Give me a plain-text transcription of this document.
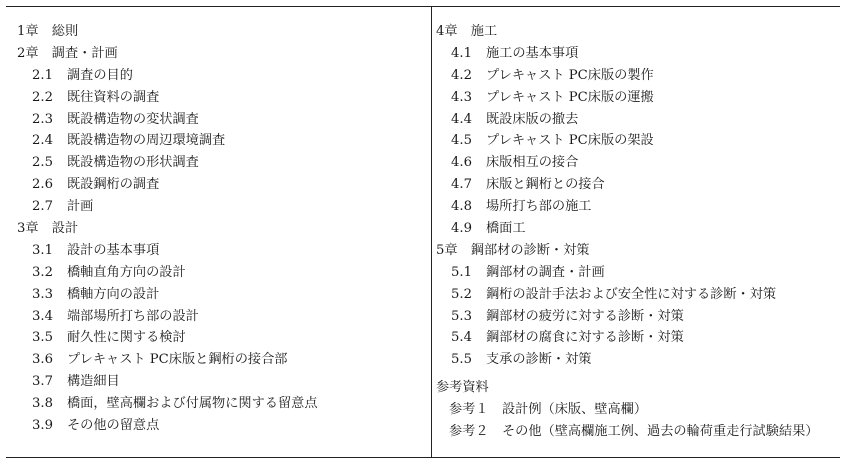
1章　総則
2章　調査・計画
2.1 調査の目的
2.2 既往資料の調査
2.3 既設構造物の変状調査
2.4 既設構造物の周辺環境調査
2.5 既設構造物の形状調査
2.6 既設鋼桁の調査
2.7 計画
3章　設計
3.1 設計の基本事項
3.2 橋軸直角方向の設計
3.3 橋軸方向の設計
3.4 端部場所打ち部の設計
3.5 耐久性に関する検討
3.6 プレキャスト PC床版と鋼桁の接合部
3.7 構造細目
3.8 橋面，壁高欄および付属物に関する留意点
3.9 その他の留意点
4章　施工
4.1 施工の基本事項
4.2 プレキャスト PC床版の製作
4.3 プレキャスト PC床版の運搬
4.4 既設床版の撤去
4.5 プレキャスト PC床版の架設
4.6 床版相互の接合
4.7 床版と鋼桁との接合
4.8 場所打ち部の施工
4.9 橋面工
5章　鋼部材の診断・対策
5.1 鋼部材の調査・計画
5.2 鋼桁の設計手法および安全性に対する診断・対策
5.3 鋼部材の疲労に対する診断・対策
5.4 鋼部材の腐食に対する診断・対策
5.5 支承の診断・対策
参考資料
参考１ 設計例（床版、壁高欄）
参考２ その他（壁高欄施工例、過去の輪荷重走行試験結果）
